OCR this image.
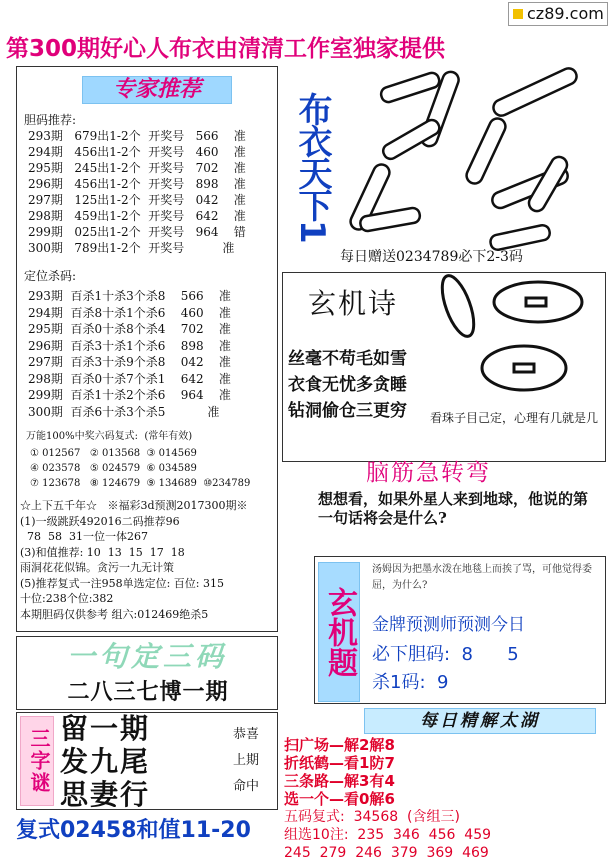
cz89.com
第300期好心人布衣由清清工作室独家提供
专家推荐
胆码推荐:
293期   679出1-2个  开奖号   566    准
294期   456出1-2个  开奖号   460    准
295期   245出1-2个  开奖号   702    准
296期   456出1-2个  开奖号   898    准
297期   125出1-2个  开奖号   042    准
298期   459出1-2个  开奖号   642    准
299期   025出1-2个  开奖号   964    错
300期   789出1-2个  开奖号          准
定位杀码:
293期  百杀1十杀3个杀8    566    准
294期  百杀8十杀1个杀6    460    准
295期  百杀0十杀8个杀4    702    准
296期  百杀3十杀1个杀6    898    准
297期  百杀3十杀9个杀8    042    准
298期  百杀0十杀7个杀1    642    准
299期  百杀1十杀2个杀6    964    准
300期  百杀6十杀3个杀5           准
万能100%中奖六码复式:  (常年有效)
① 012567   ② 013568  ③ 014569
④ 023578   ⑤ 024579  ⑥ 034589
⑦ 123678   ⑧ 124679  ⑨ 134689  ⑩234789
☆上下五千年☆   ※福彩3d预测2017300期※
(1)一级跳跃492016二码推荐96
78  58  31一位一体267
(3)和值推荐: 10  13  15  17  18
雨洞花花似锦。贪污一九无计策
(5)推荐复式一注958单选定位: 百位: 315
十位:238个位:382
本期胆码仅供参考 组六:012469绝杀5
一句定三码
二八三七博一期
三字谜 留一期
发九尾
思妻行
恭喜
上期
命中
复式02458和值11-20
布衣天下1
每日赠送0234789必下2-3码
玄机诗
丝毫不苟毛如雪
衣食无忧多贪睡
钻洞偷仓三更穷	看珠子目己定，心理有几就是几
脑筋急转弯
想想看，如果外星人来到地球，他说的第一句话将会是什么?
玄机题
汤姆因为把墨水泼在地毯上而挨了骂，可他觉得委屈，为什么?
金牌预测师预测今日
必下胆码:  8      5
杀1码:  9
每日精解太湖
扫广场—解2解8
折纸鹤—看1防7
三条路—解3有4
选一个—看0解6
五码复式:  34568  (含组三)
组选10注:  235  346  456  459
245  279  246  379  369  469
